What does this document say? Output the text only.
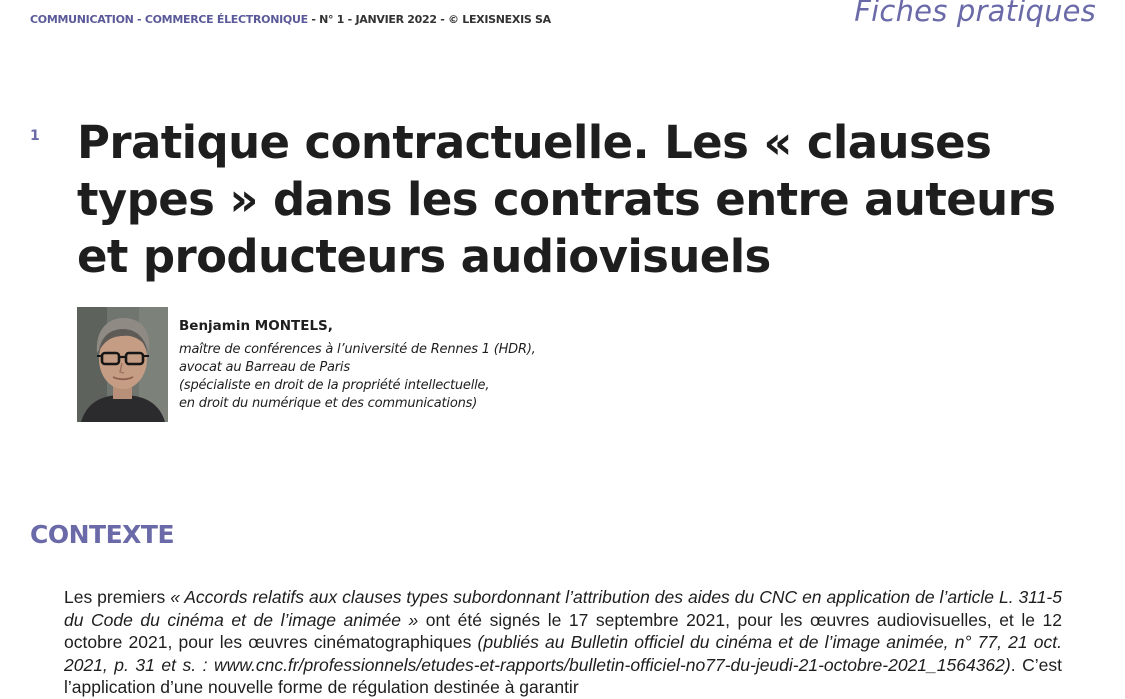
COMMUNICATION - COMMERCE ÉLECTRONIQUE - N° 1 - JANVIER 2022 - © LEXISNEXIS SA	Fiches pratiques
1 Pratique contractuelle. Les « clauses types » dans les contrats entre auteurs et producteurs audiovisuels
Benjamin MONTELS,
maître de conférences à l’université de Rennes 1 (HDR),
avocat au Barreau de Paris
(spécialiste en droit de la propriété intellectuelle,
en droit du numérique et des communications)
CONTEXTE

Les premiers « Accords relatifs aux clauses types subordonnant l’attribution des aides du CNC en application de l’article L. 311-5 du Code du cinéma et de l’image animée » ont été signés le 17 septembre 2021, pour les œuvres audiovisuelles, et le 12 octobre 2021, pour les œuvres cinématographiques (publiés au Bulletin officiel du cinéma et de l’image animée, n° 77, 21 oct. 2021, p. 31 et s. : www.cnc.fr/professionnels/etudes-et-rapports/bulletin-officiel-no77-du-jeudi-21-octobre-2021_1564362). C’est l’application d’une nouvelle forme de régulation destinée à garantir
